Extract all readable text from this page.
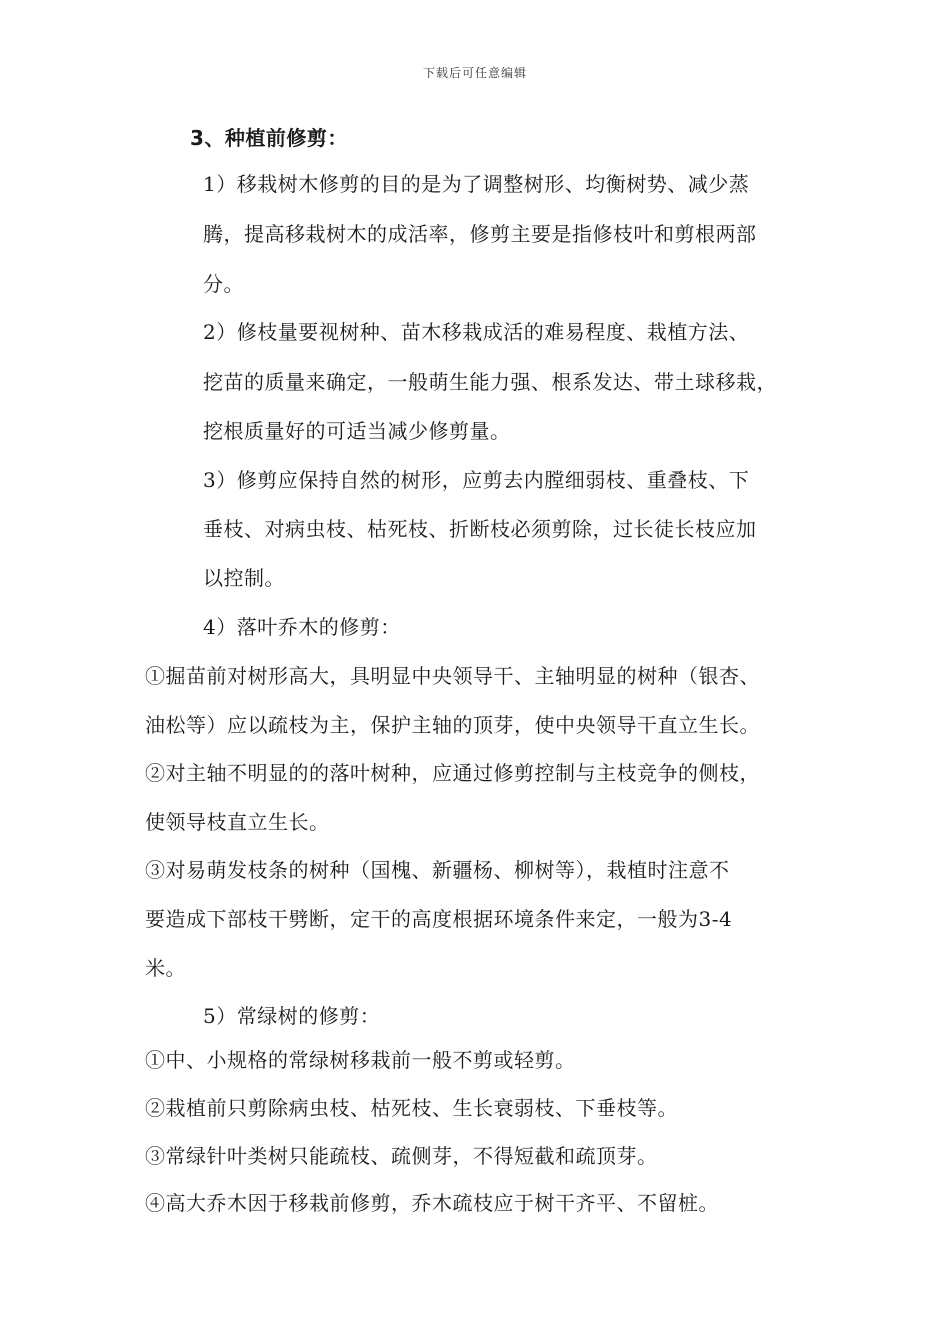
下载后可任意编辑
3、种植前修剪：
1）移栽树木修剪的目的是为了调整树形、均衡树势、减少蒸
腾，提高移栽树木的成活率，修剪主要是指修枝叶和剪根两部
分。
2）修枝量要视树种、苗木移栽成活的难易程度、栽植方法、
挖苗的质量来确定，一般萌生能力强、根系发达、带土球移栽，
挖根质量好的可适当减少修剪量。
3）修剪应保持自然的树形，应剪去内膛细弱枝、重叠枝、下
垂枝、对病虫枝、枯死枝、折断枝必须剪除，过长徒长枝应加
以控制。
4）落叶乔木的修剪：
①掘苗前对树形高大，具明显中央领导干、主轴明显的树种（银杏、
油松等）应以疏枝为主，保护主轴的顶芽，使中央领导干直立生长。
②对主轴不明显的的落叶树种，应通过修剪控制与主枝竞争的侧枝，
使领导枝直立生长。
③对易萌发枝条的树种（国槐、新疆杨、柳树等），栽植时注意不
要造成下部枝干劈断，定干的高度根据环境条件来定，一般为3-4
米。
5）常绿树的修剪：
①中、小规格的常绿树移栽前一般不剪或轻剪。
②栽植前只剪除病虫枝、枯死枝、生长衰弱枝、下垂枝等。
③常绿针叶类树只能疏枝、疏侧芽，不得短截和疏顶芽。
④高大乔木因于移栽前修剪，乔木疏枝应于树干齐平、不留桩。
